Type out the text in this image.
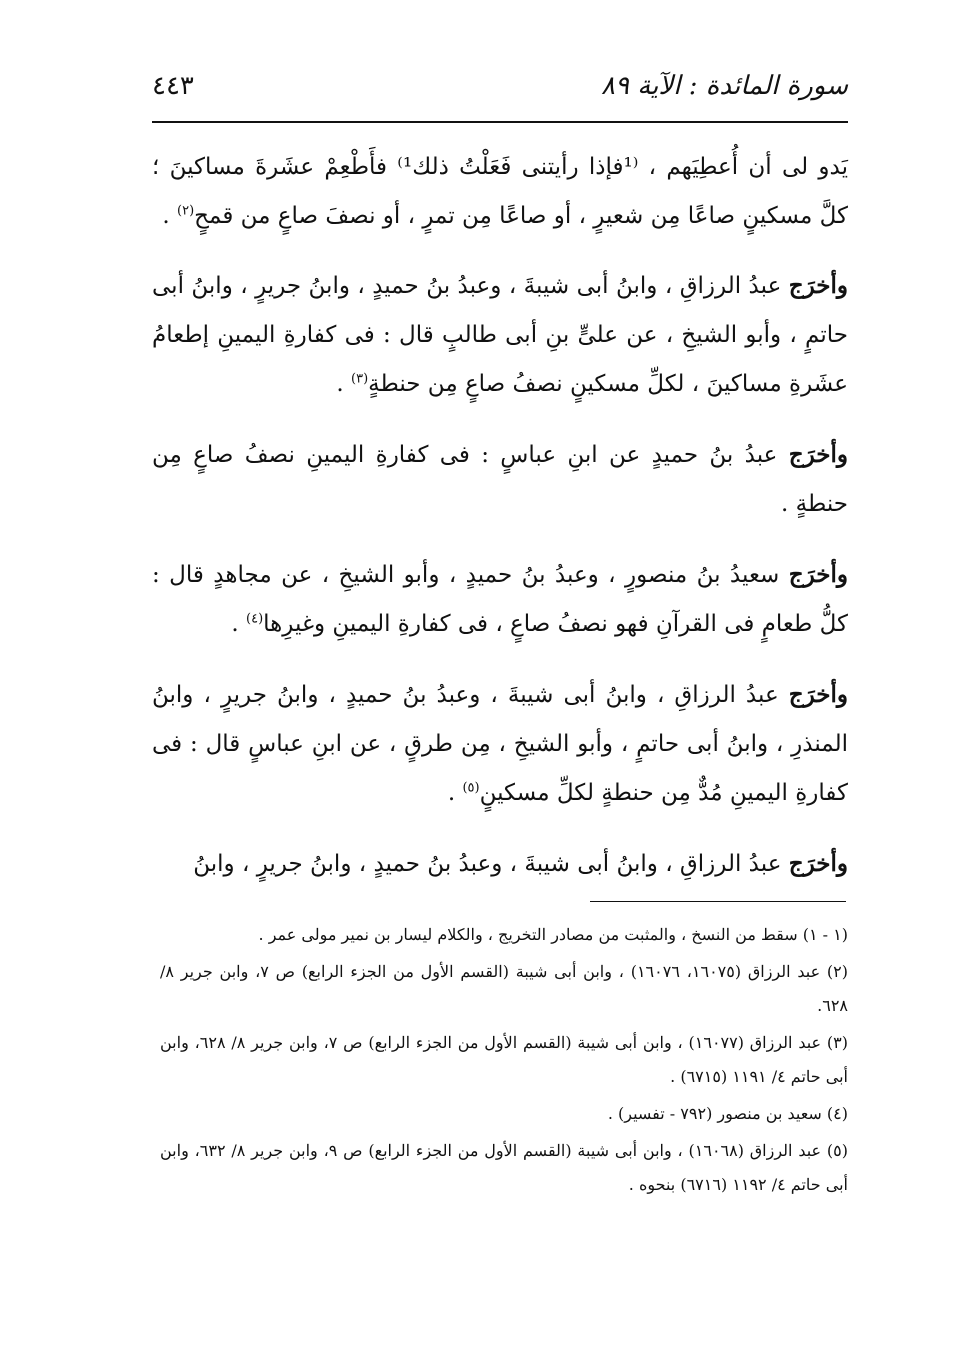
٤٤٣	سورة المائدة : الآية ٨٩

يَدو لى أن أُعطِيَهم ، ⁽¹فإذا رأيتنى فَعَلْتُ ذلك¹⁾ فأَطْعِمْ عشَرةَ مساكينَ ؛ كلَّ مسكينٍ صاعًا مِن شعيرٍ ، أو صاعًا مِن تمرٍ ، أو نصفَ صاعٍ من قمحٍ$^{(٢)}$ .

وأخرَج عبدُ الرزاقِ ، وابنُ أبى شيبةَ ، وعبدُ بنُ حميدٍ ، وابنُ جريرٍ ، وابنُ أبى حاتمٍ ، وأبو الشيخِ ، عن علىٍّ بنِ أبى طالبٍ قال : فى كفارةِ اليمينِ إطعامُ عشَرةِ مساكينَ ، لكلِّ مسكينٍ نصفُ صاعٍ مِن حنطةٍ$^{(٣)}$ .

وأخرَج عبدُ بنُ حميدٍ عن ابنِ عباسٍ : فى كفارةِ اليمينِ نصفُ صاعٍ مِن حنطةٍ .

وأخرَج سعيدُ بنُ منصورٍ ، وعبدُ بنُ حميدٍ ، وأبو الشيخِ ، عن مجاهدٍ قال : كلُّ طعامٍ فى القرآنِ فهو نصفُ صاعٍ ، فى كفارةِ اليمينِ وغيرِها$^{(٤)}$ .

وأخرَج عبدُ الرزاقِ ، وابنُ أبى شيبةَ ، وعبدُ بنُ حميدٍ ، وابنُ جريرٍ ، وابنُ المنذرِ ، وابنُ أبى حاتمٍ ، وأبو الشيخِ ، مِن طرقٍ ، عن ابنِ عباسٍ قال : فى كفارةِ اليمينِ مُدٌّ مِن حنطةٍ لكلِّ مسكينٍ$^{(٥)}$ .

وأخرَج عبدُ الرزاقِ ، وابنُ أبى شيبةَ ، وعبدُ بنُ حميدٍ ، وابنُ جريرٍ ، وابنُ

(١ - ١) سقط من النسخ ، والمثبت من مصادر التخريج ، والكلام ليسار بن نمير مولى عمر .

(٢) عبد الرزاق (١٦٠٧٥، ١٦٠٧٦) ، وابن أبى شيبة (القسم الأول من الجزء الرابع) ص ٧، وابن جرير ٨/ ٦٢٨.

(٣) عبد الرزاق (١٦٠٧٧) ، وابن أبى شيبة (القسم الأول من الجزء الرابع) ص ٧، وابن جرير ٨/ ٦٢٨، وابن أبى حاتم ٤/ ١١٩١ (٦٧١٥) .

(٤) سعيد بن منصور (٧٩٢ - تفسير) .

(٥) عبد الرزاق (١٦٠٦٨) ، وابن أبى شيبة (القسم الأول من الجزء الرابع) ص ٩، وابن جرير ٨/ ٦٣٢، وابن أبى حاتم ٤/ ١١٩٢ (٦٧١٦) بنحوه .
